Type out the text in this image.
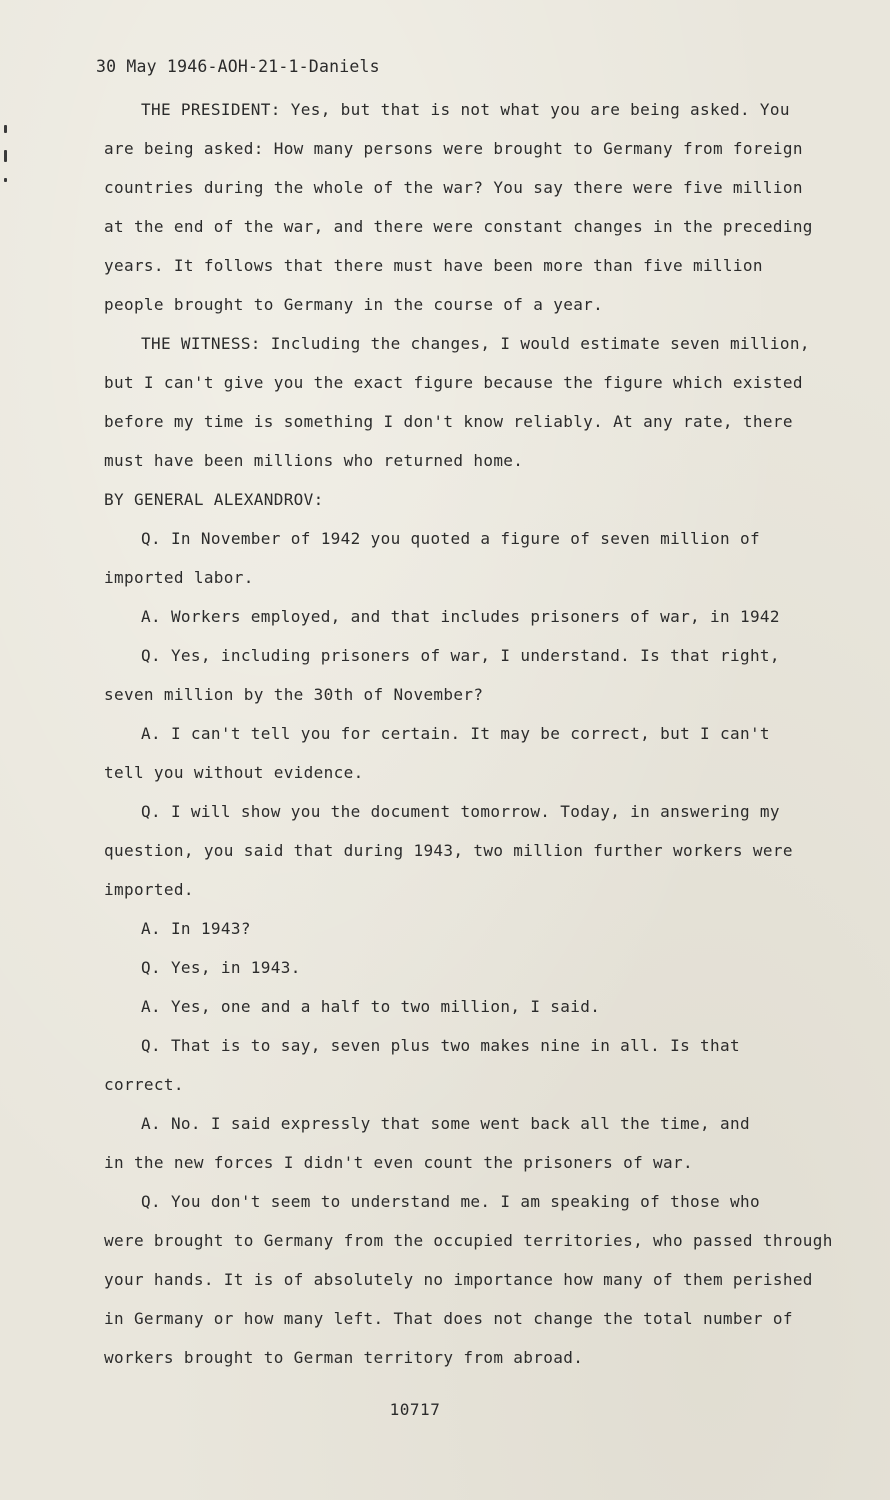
30 May 1946-AOH-21-1-Daniels
THE PRESIDENT: Yes, but that is not what you are being asked. You
are being asked: How many persons were brought to Germany from foreign
countries during the whole of the war? You say there were five million
at the end of the war, and there were constant changes in the preceding
years. It follows that there must have been more than five million
people brought to Germany in the course of a year.
THE WITNESS: Including the changes, I would estimate seven million,
but I can't give you the exact figure because the figure which existed
before my time is something I don't know reliably. At any rate, there
must have been millions who returned home.
BY GENERAL ALEXANDROV:
Q. In November of 1942 you quoted a figure of seven million of
imported labor.
A. Workers employed, and that includes prisoners of war, in 1942
Q. Yes, including prisoners of war, I understand. Is that right,
seven million by the 30th of November?
A. I can't tell you for certain. It may be correct, but I can't
tell you without evidence.
Q. I will show you the document tomorrow. Today, in answering my
question, you said that during 1943, two million further workers were
imported.
A. In 1943?
Q. Yes, in 1943.
A. Yes, one and a half to two million, I said.
Q. That is to say, seven plus two makes nine in all. Is that
correct.
A. No. I said expressly that some went back all the time, and
in the new forces I didn't even count the prisoners of war.
Q. You don't seem to understand me. I am speaking of those who
were brought to Germany from the occupied territories, who passed through
your hands. It is of absolutely no importance how many of them perished
in Germany or how many left. That does not change the total number of
workers brought to German territory from abroad.
10717
